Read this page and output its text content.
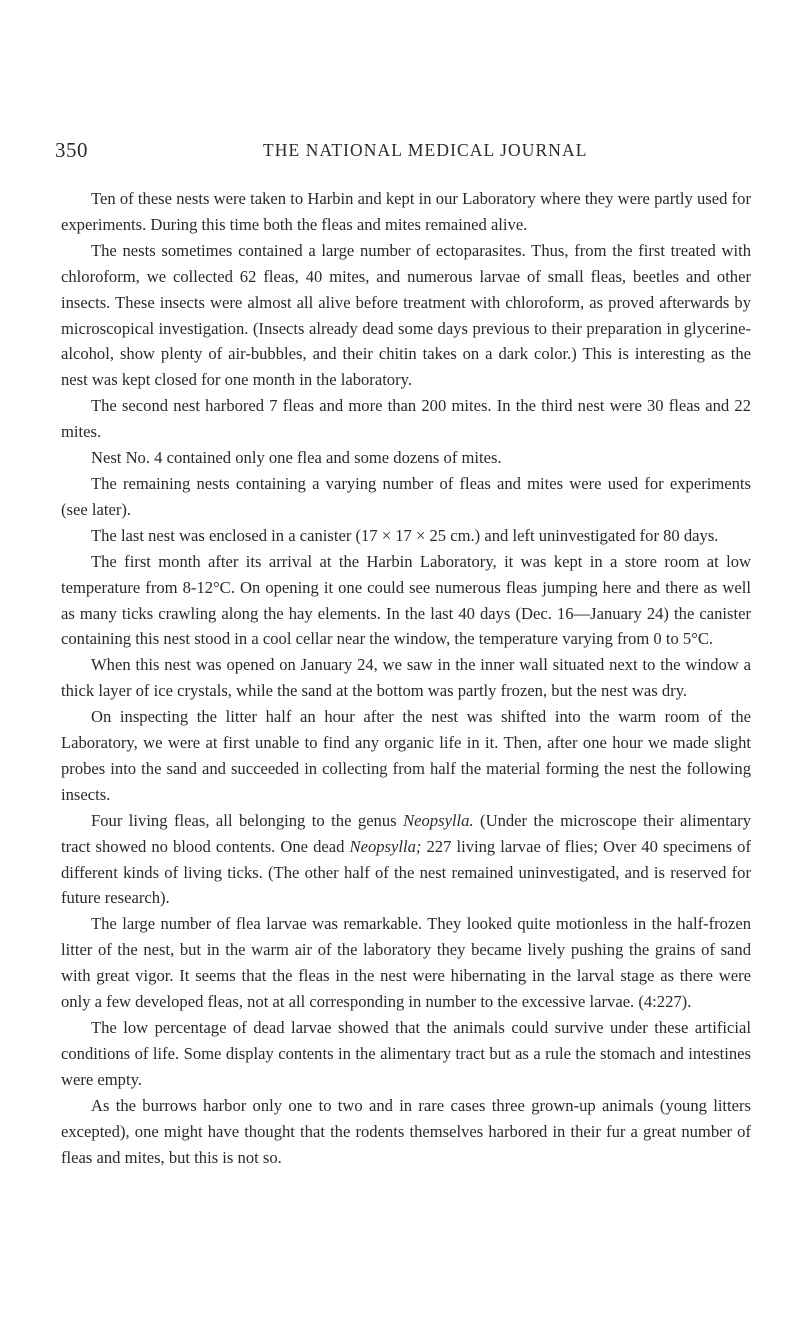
350	THE NATIONAL MEDICAL JOURNAL

Ten of these nests were taken to Harbin and kept in our Laboratory where they were partly used for experiments. During this time both the fleas and mites remained alive.

The nests sometimes contained a large number of ectoparasites. Thus, from the first treated with chloroform, we collected 62 fleas, 40 mites, and numerous larvae of small fleas, beetles and other insects. These insects were almost all alive before treatment with chloroform, as proved afterwards by microscopical investigation. (Insects already dead some days previous to their preparation in glycerine-alcohol, show plenty of air-bubbles, and their chitin takes on a dark color.) This is interesting as the nest was kept closed for one month in the laboratory.

The second nest harbored 7 fleas and more than 200 mites. In the third nest were 30 fleas and 22 mites.

Nest No. 4 contained only one flea and some dozens of mites.

The remaining nests containing a varying number of fleas and mites were used for experiments (see later).

The last nest was enclosed in a canister (17 × 17 × 25 cm.) and left uninvestigated for 80 days.

The first month after its arrival at the Harbin Laboratory, it was kept in a store room at low temperature from 8-12°C. On opening it one could see numerous fleas jumping here and there as well as many ticks crawling along the hay elements. In the last 40 days (Dec. 16—January 24) the canister containing this nest stood in a cool cellar near the window, the temperature varying from 0 to 5°C.

When this nest was opened on January 24, we saw in the inner wall situated next to the window a thick layer of ice crystals, while the sand at the bottom was partly frozen, but the nest was dry.

On inspecting the litter half an hour after the nest was shifted into the warm room of the Laboratory, we were at first unable to find any organic life in it. Then, after one hour we made slight probes into the sand and succeeded in collecting from half the material forming the nest the following insects.

Four living fleas, all belonging to the genus Neopsylla. (Under the microscope their alimentary tract showed no blood contents. One dead Neopsylla; 227 living larvae of flies; Over 40 specimens of different kinds of living ticks. (The other half of the nest remained uninvestigated, and is reserved for future research).

The large number of flea larvae was remarkable. They looked quite motionless in the half-frozen litter of the nest, but in the warm air of the laboratory they became lively pushing the grains of sand with great vigor. It seems that the fleas in the nest were hibernating in the larval stage as there were only a few developed fleas, not at all corresponding in number to the excessive larvae. (4:227).

The low percentage of dead larvae showed that the animals could survive under these artificial conditions of life. Some display contents in the alimentary tract but as a rule the stomach and intestines were empty.

As the burrows harbor only one to two and in rare cases three grown-up animals (young litters excepted), one might have thought that the rodents themselves harbored in their fur a great number of fleas and mites, but this is not so.
